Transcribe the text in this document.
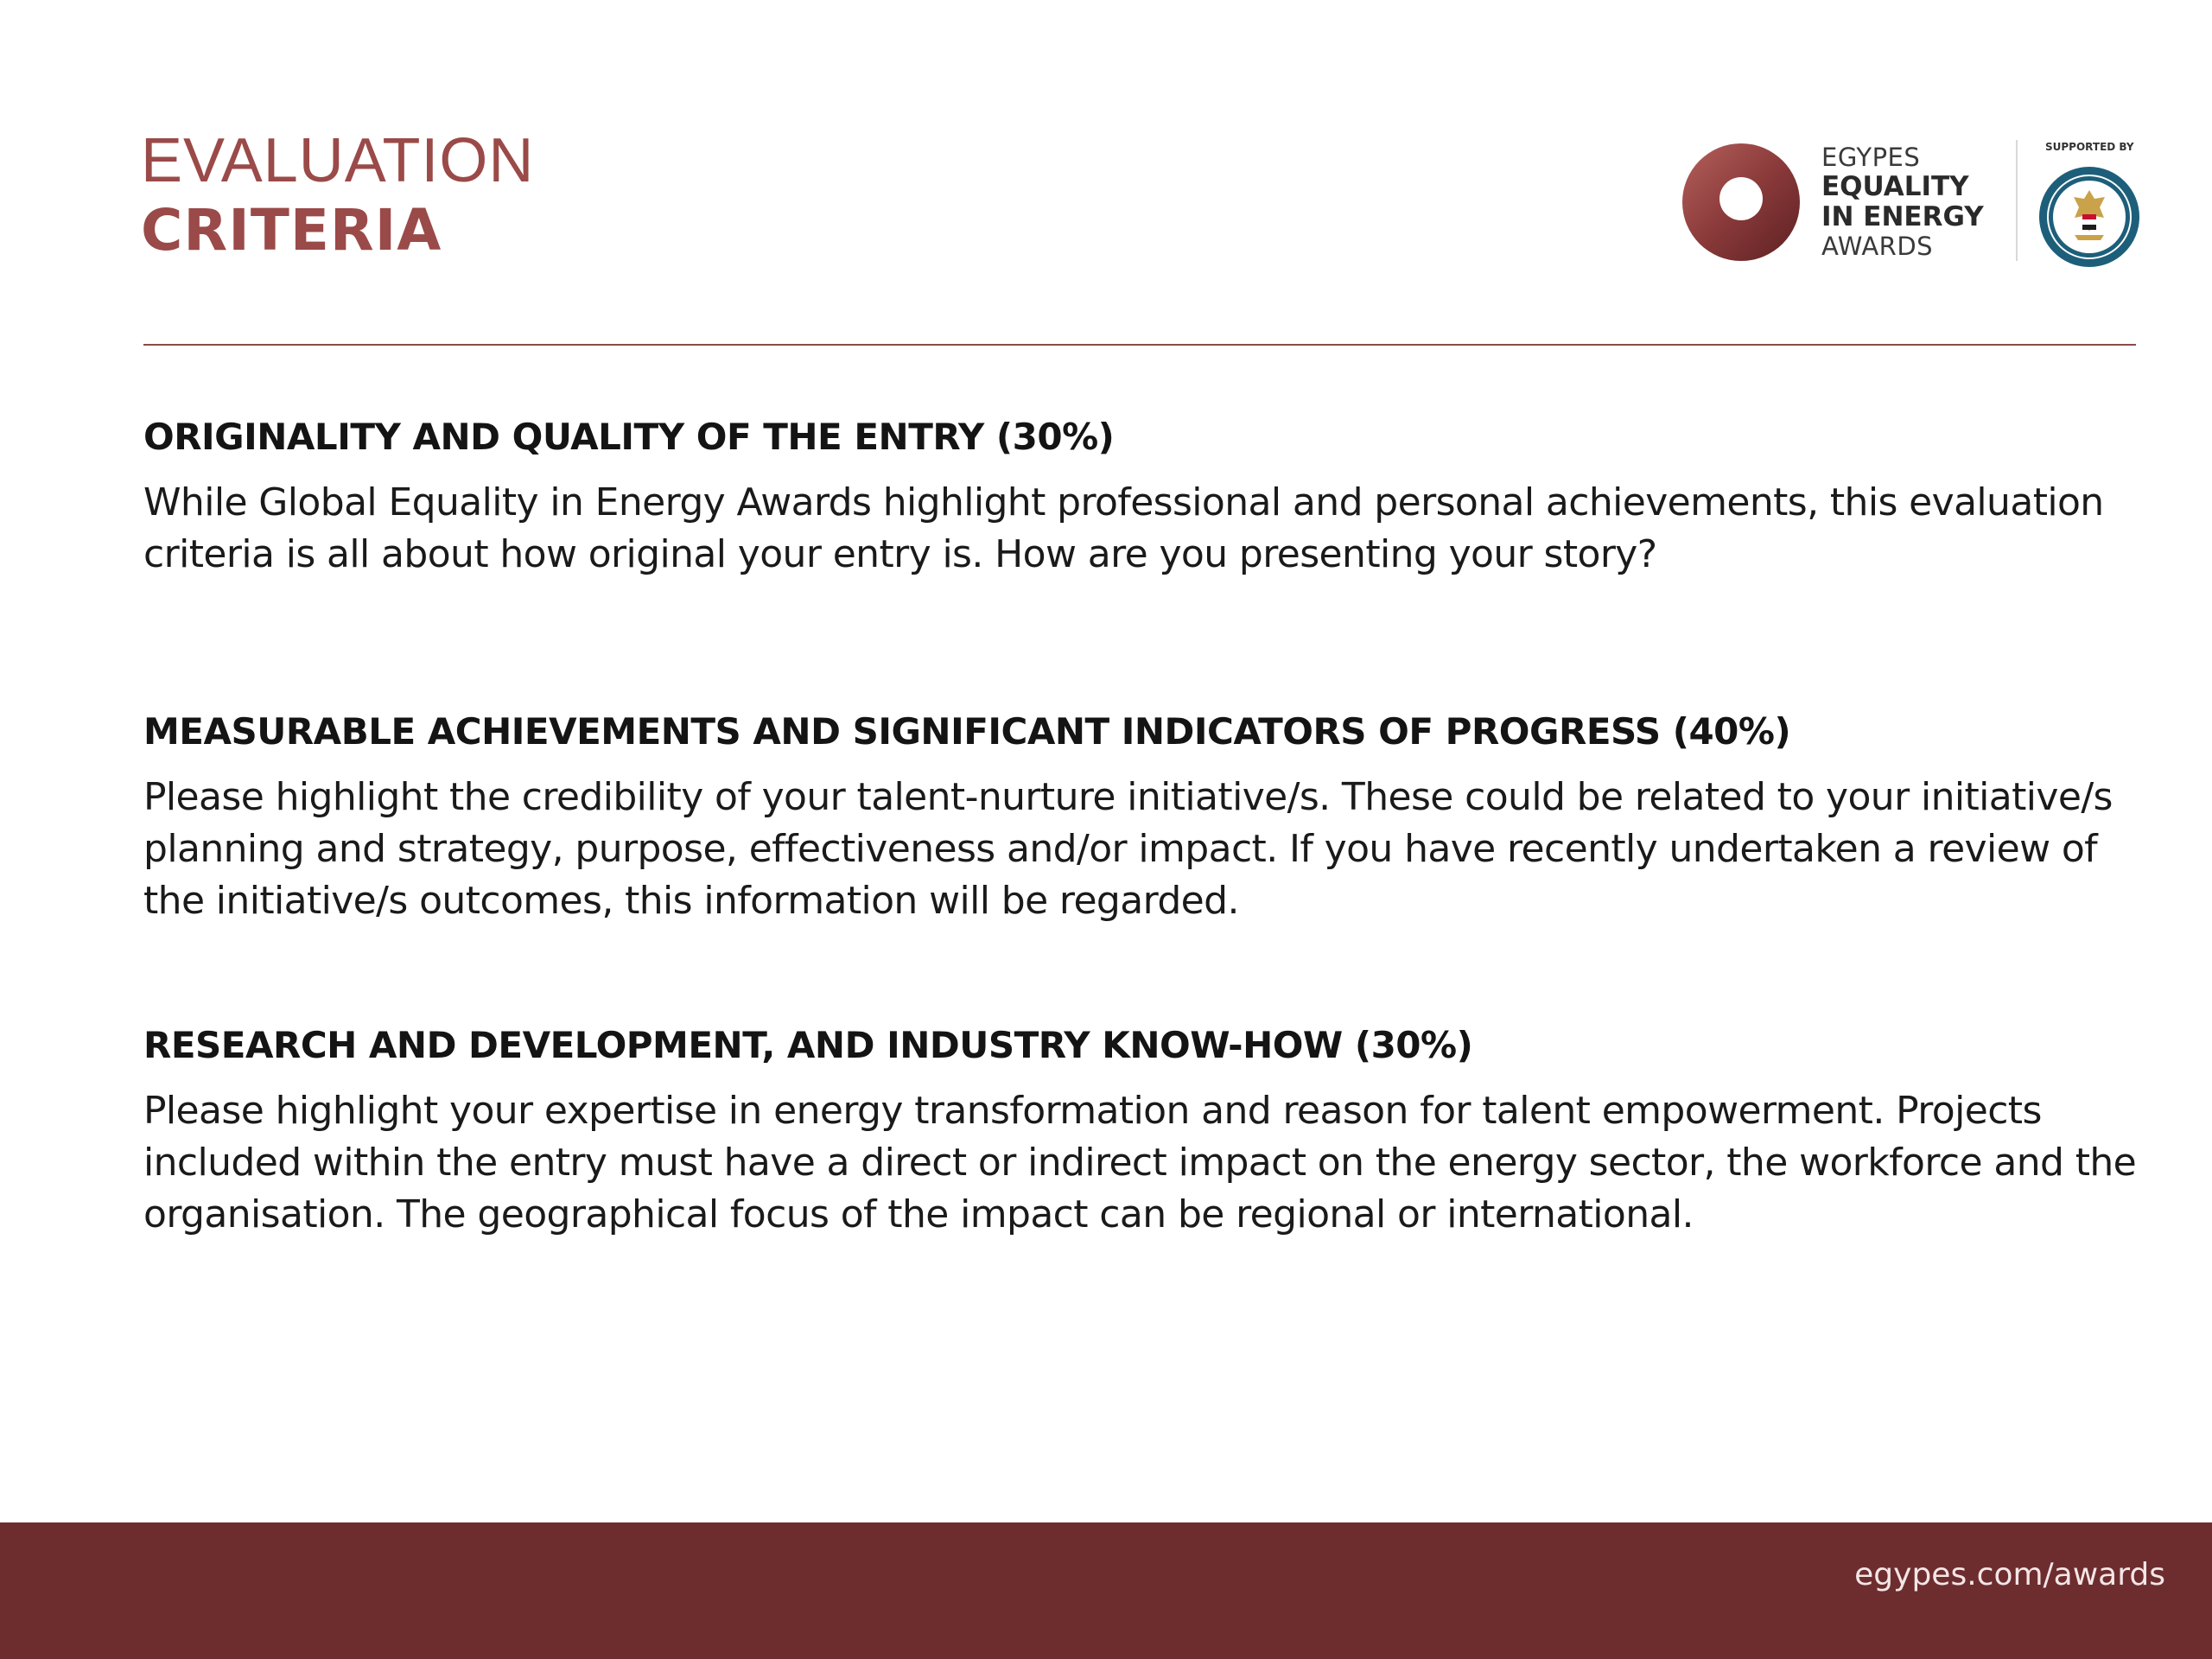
EVALUATION
CRITERIA
EGYPES
EQUALITY
IN ENERGY
AWARDS
SUPPORTED BY
ORIGINALITY AND QUALITY OF THE ENTRY (30%)

While Global Equality in Energy Awards highlight professional and personal achievements, this evaluation criteria is all about how original your entry is. How are you presenting your story?

MEASURABLE ACHIEVEMENTS AND SIGNIFICANT INDICATORS OF PROGRESS (40%)

Please highlight the credibility of your talent-nurture initiative/s. These could be related to your initiative/s planning and strategy, purpose, effectiveness and/or impact. If you have recently undertaken a review of the initiative/s outcomes, this information will be regarded.

RESEARCH AND DEVELOPMENT, AND INDUSTRY KNOW-HOW (30%)

Please highlight your expertise in energy transformation and reason for talent empowerment. Projects included within the entry must have a direct or indirect impact on the energy sector, the workforce and the organisation. The geographical focus of the impact can be regional or international.

egypes.com/awards
